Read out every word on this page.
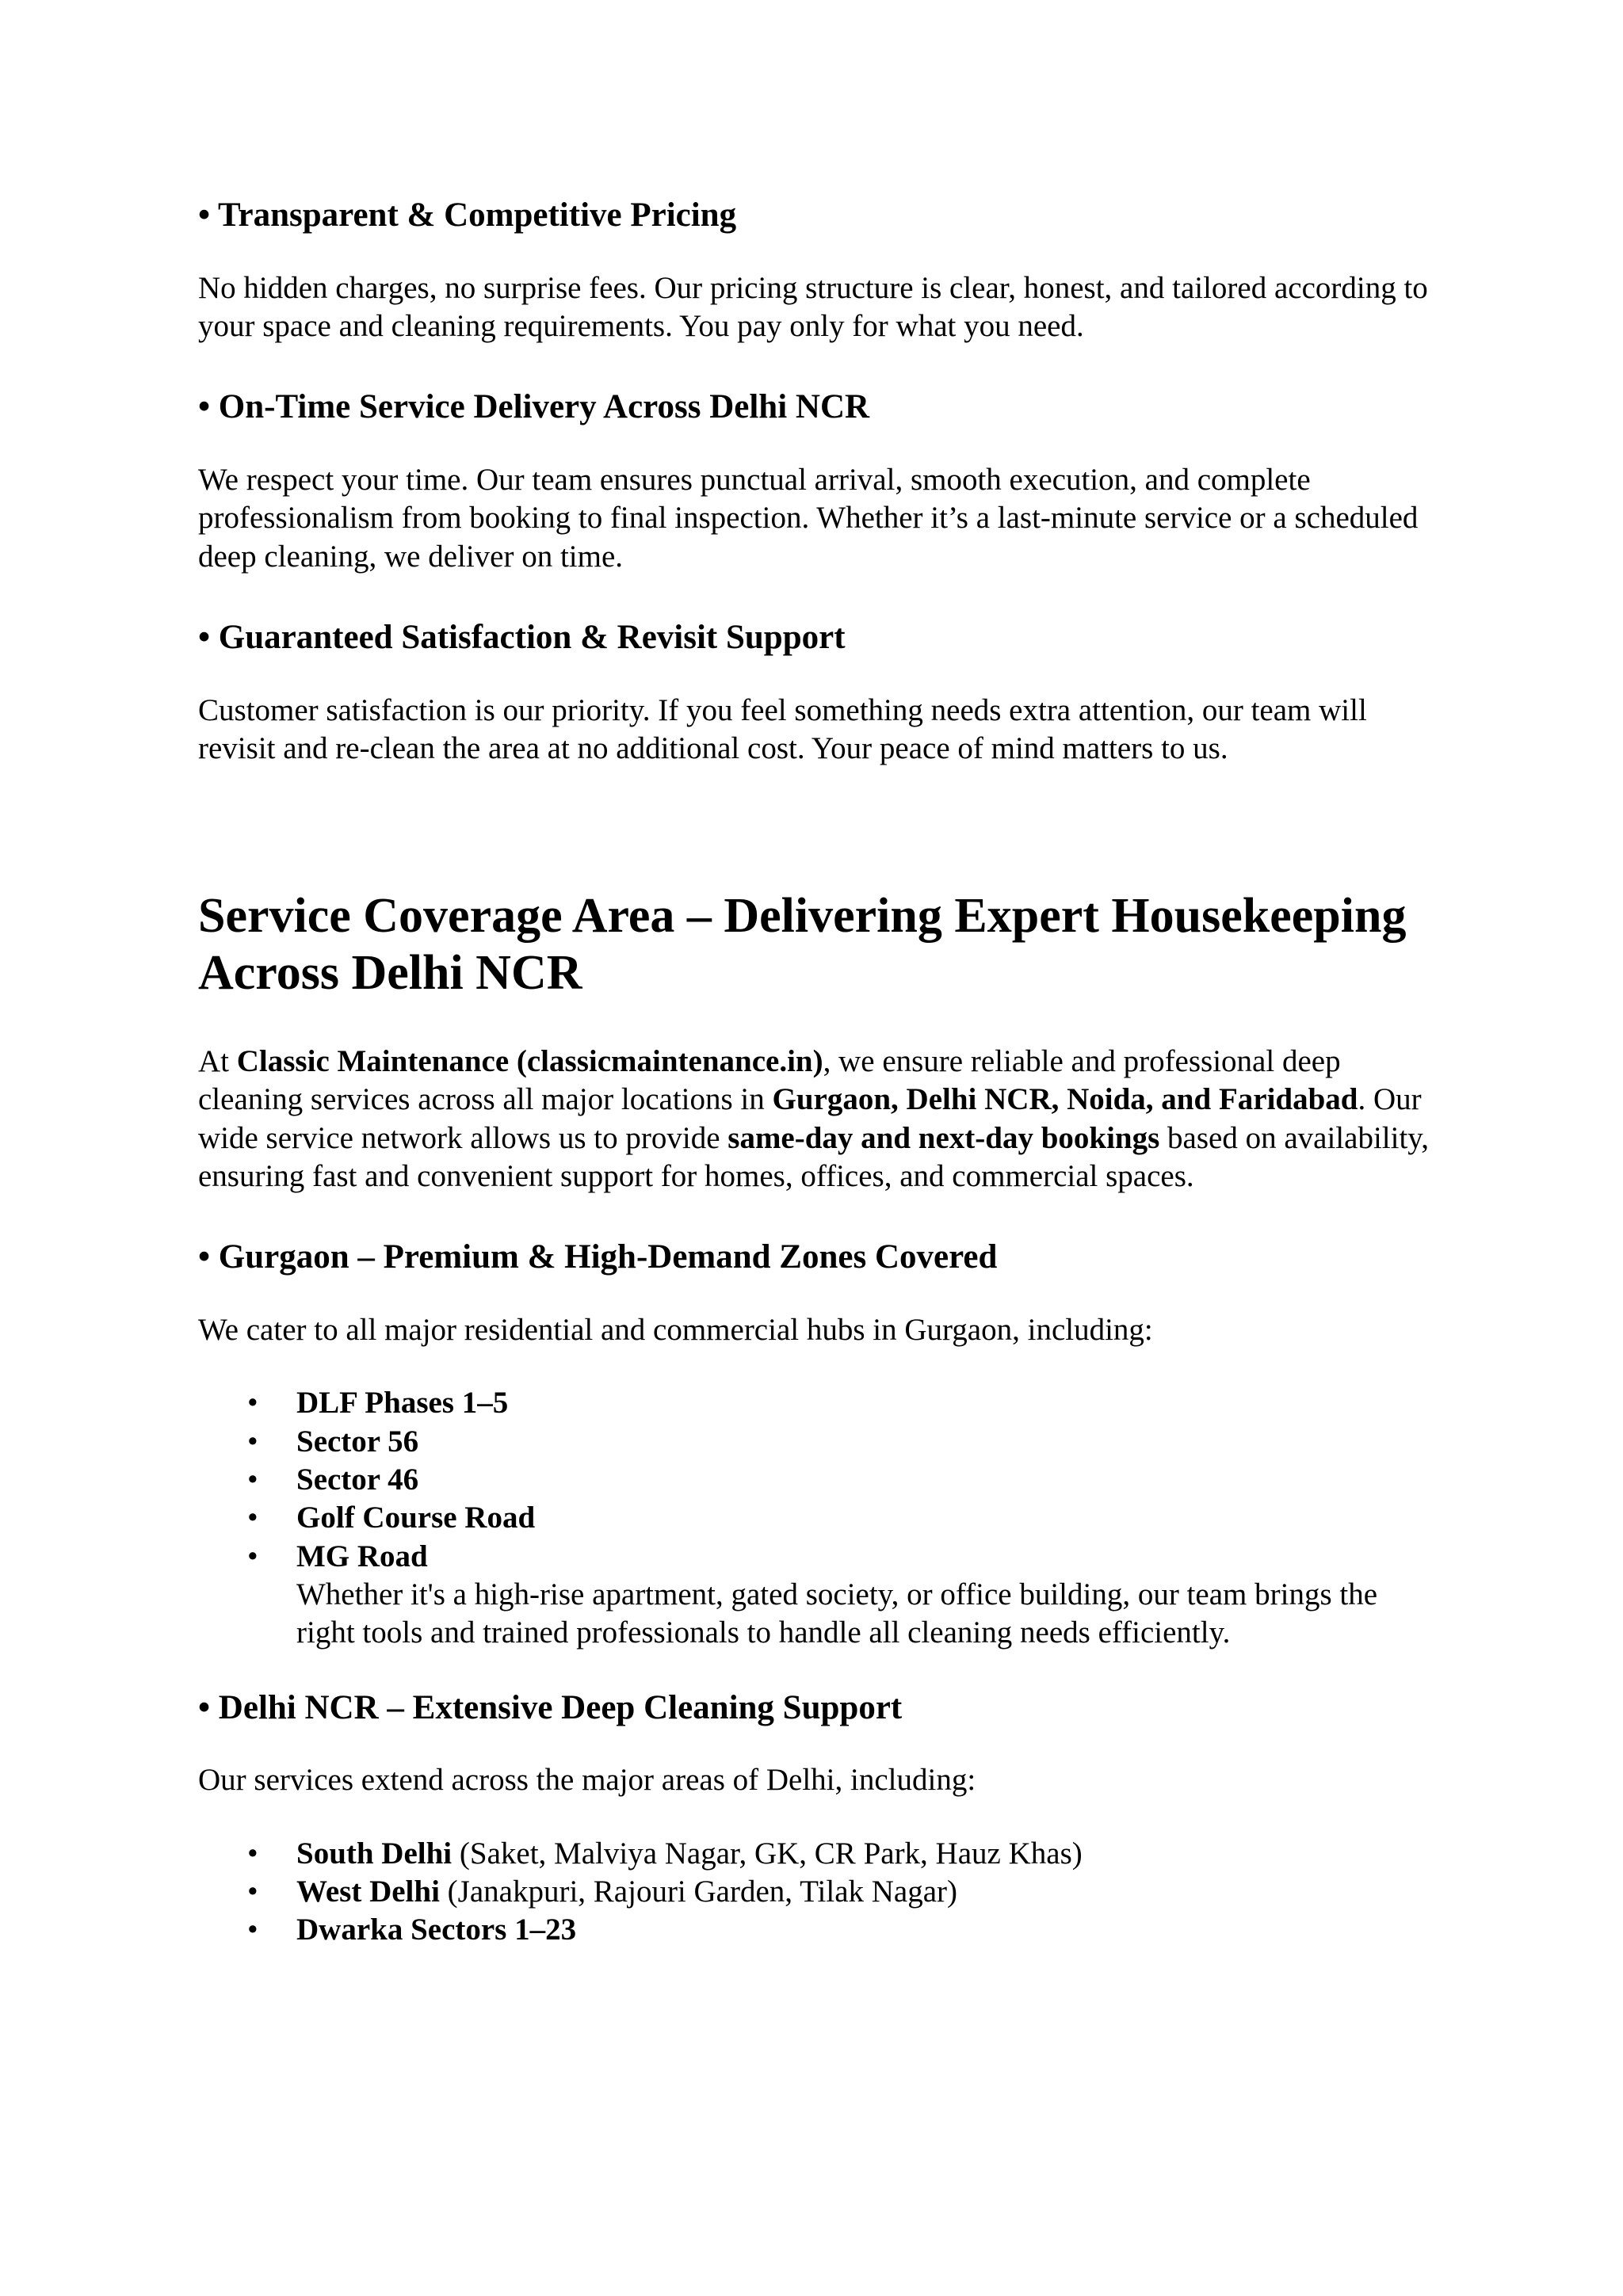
• Transparent & Competitive Pricing

No hidden charges, no surprise fees. Our pricing structure is clear, honest, and tailored according to your space and cleaning requirements. You pay only for what you need.

• On-Time Service Delivery Across Delhi NCR

We respect your time. Our team ensures punctual arrival, smooth execution, and complete professionalism from booking to final inspection. Whether it’s a last-minute service or a scheduled deep cleaning, we deliver on time.

• Guaranteed Satisfaction & Revisit Support

Customer satisfaction is our priority. If you feel something needs extra attention, our team will revisit and re-clean the area at no additional cost. Your peace of mind matters to us.

Service Coverage Area – Delivering Expert Housekeeping Across Delhi NCR

At Classic Maintenance (classicmaintenance.in), we ensure reliable and professional deep cleaning services across all major locations in Gurgaon, Delhi NCR, Noida, and Faridabad. Our wide service network allows us to provide same-day and next-day bookings based on availability, ensuring fast and convenient support for homes, offices, and commercial spaces.

• Gurgaon – Premium & High-Demand Zones Covered

We cater to all major residential and commercial hubs in Gurgaon, including:

• DLF Phases 1–5
• Sector 56
• Sector 46
• Golf Course Road
• MG Road
Whether it's a high-rise apartment, gated society, or office building, our team brings the right tools and trained professionals to handle all cleaning needs efficiently.
• Delhi NCR – Extensive Deep Cleaning Support

Our services extend across the major areas of Delhi, including:

• South Delhi (Saket, Malviya Nagar, GK, CR Park, Hauz Khas)
• West Delhi (Janakpuri, Rajouri Garden, Tilak Nagar)
• Dwarka Sectors 1–23
